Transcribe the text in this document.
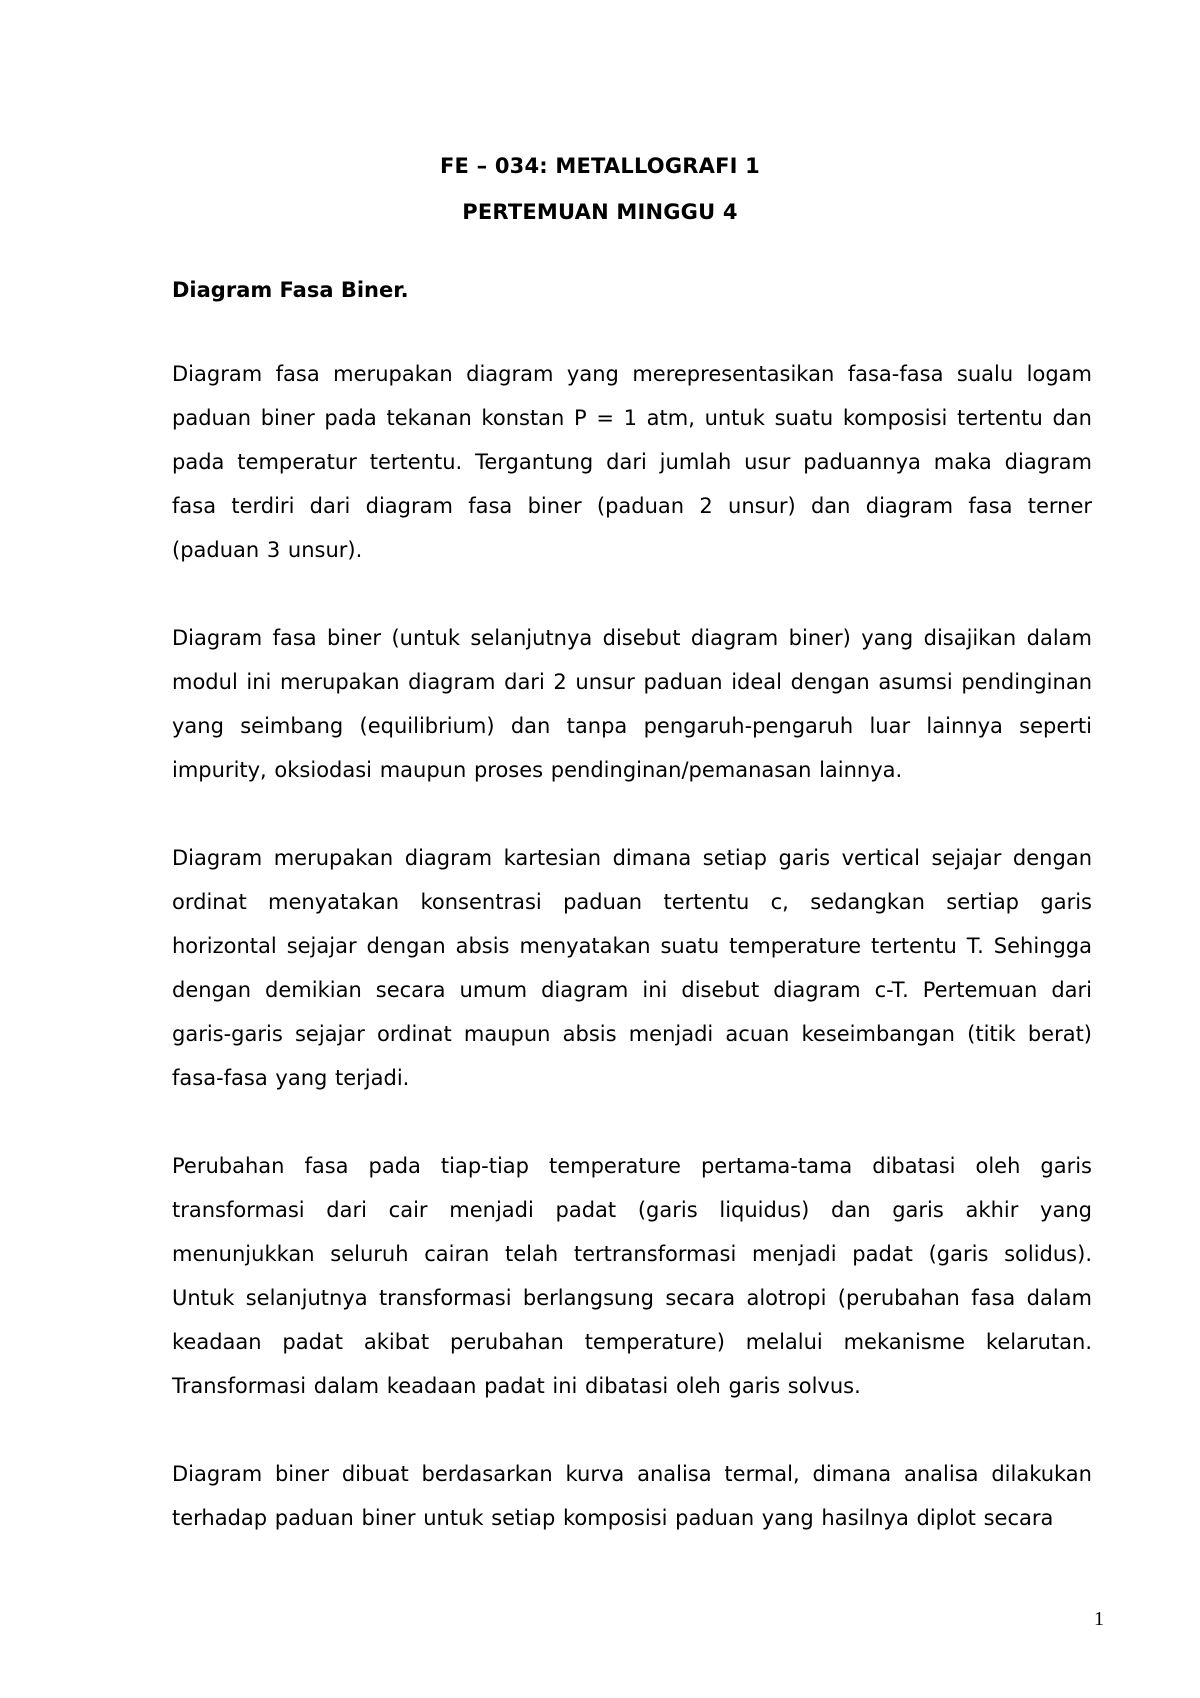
FE – 034: METALLOGRAFI 1

PERTEMUAN MINGGU 4

Diagram Fasa Biner.

Diagram fasa merupakan diagram yang merepresentasikan fasa-fasa sualu logam paduan biner pada tekanan konstan P = 1 atm, untuk suatu komposisi tertentu dan pada temperatur tertentu. Tergantung dari jumlah usur paduannya maka diagram fasa terdiri dari diagram fasa biner (paduan 2 unsur) dan diagram fasa terner (paduan 3 unsur).

Diagram fasa biner (untuk selanjutnya disebut diagram biner) yang disajikan dalam modul ini merupakan diagram dari 2 unsur paduan ideal dengan asumsi pendinginan yang seimbang (equilibrium) dan tanpa pengaruh-pengaruh luar lainnya seperti impurity, oksiodasi maupun proses pendinginan/pemanasan lainnya.

Diagram merupakan diagram kartesian dimana setiap garis vertical sejajar dengan ordinat menyatakan konsentrasi paduan tertentu c, sedangkan sertiap garis horizontal sejajar dengan absis menyatakan suatu temperature tertentu T. Sehingga dengan demikian secara umum diagram ini disebut diagram c-T. Pertemuan dari garis-garis sejajar ordinat maupun absis menjadi acuan keseimbangan (titik berat) fasa-fasa yang terjadi.

Perubahan fasa pada tiap-tiap temperature pertama-tama dibatasi oleh garis transformasi dari cair menjadi padat (garis liquidus) dan garis akhir yang menunjukkan seluruh cairan telah tertransformasi menjadi padat (garis solidus). Untuk selanjutnya transformasi berlangsung secara alotropi (perubahan fasa dalam keadaan padat akibat perubahan temperature) melalui mekanisme kelarutan. Transformasi dalam keadaan padat ini dibatasi oleh garis solvus.

Diagram biner dibuat berdasarkan kurva analisa termal, dimana analisa dilakukan terhadap paduan biner untuk setiap komposisi paduan yang hasilnya diplot secara

1
